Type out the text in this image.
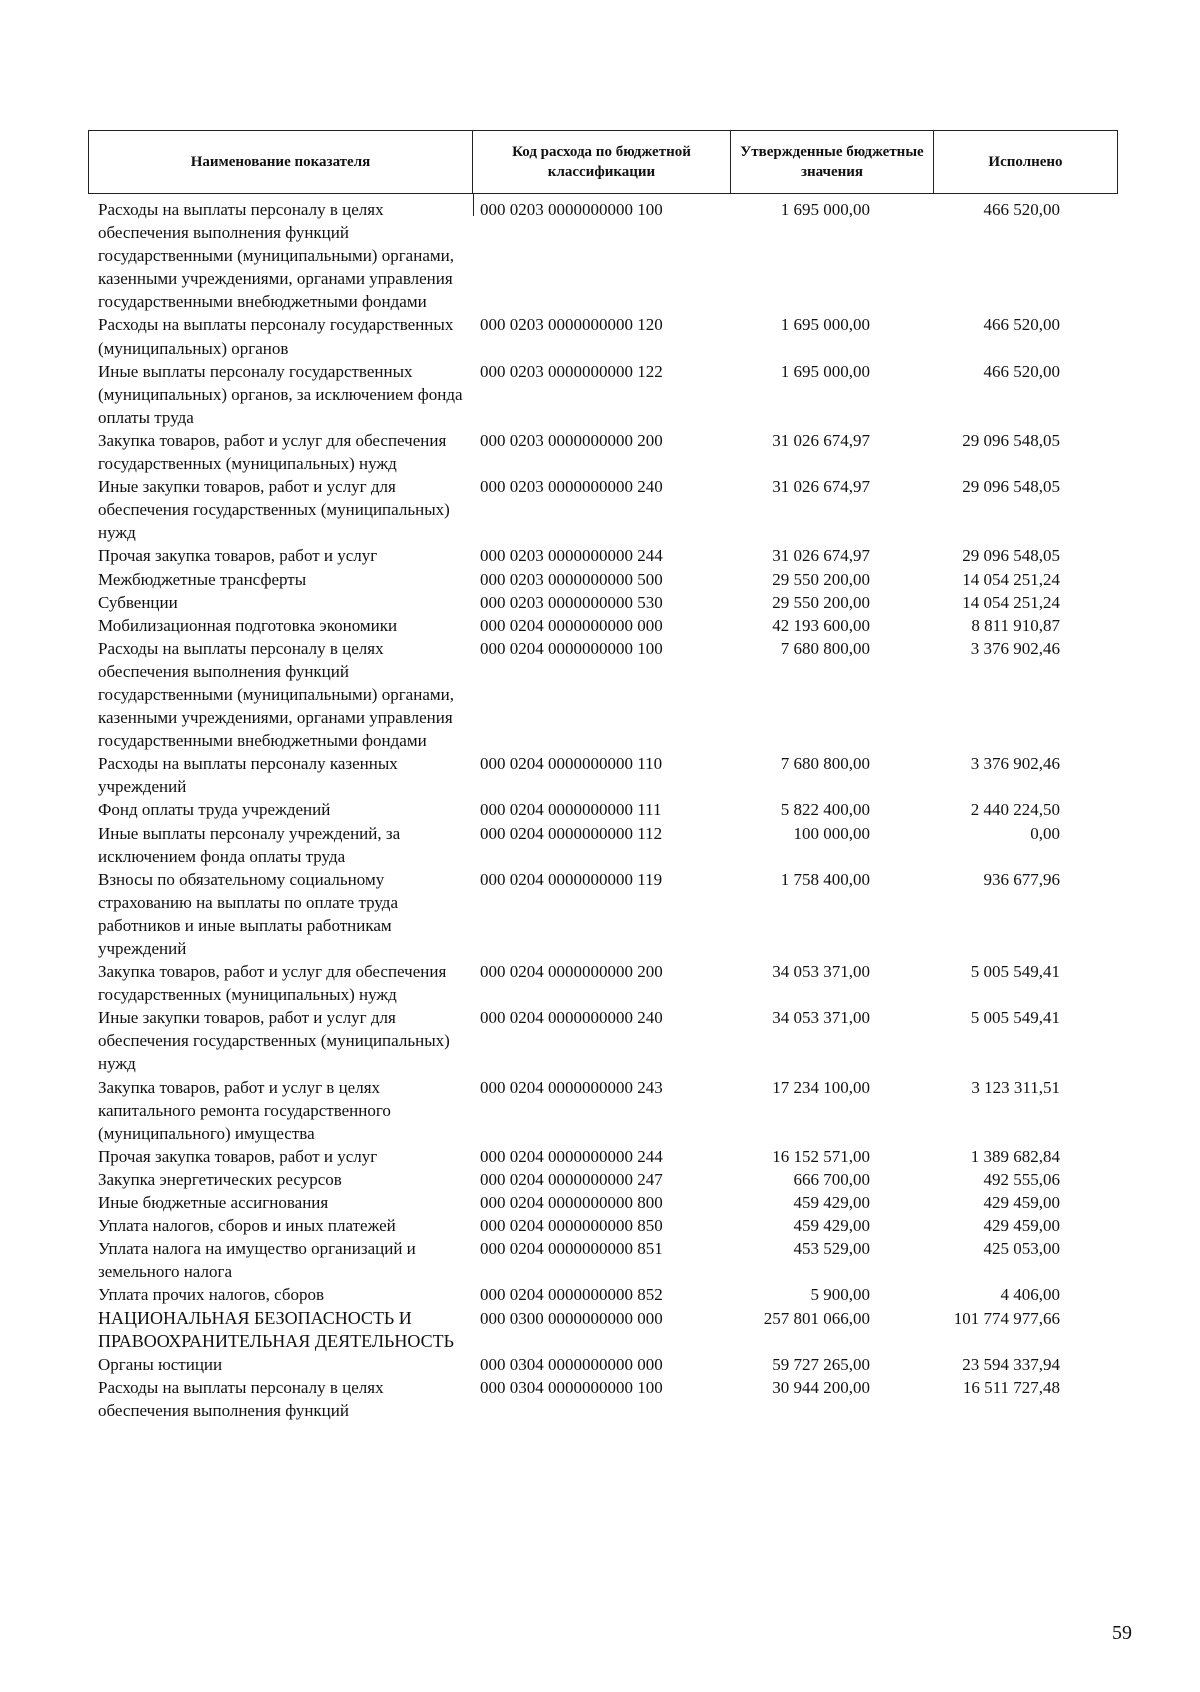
Наименование показателя
Код расхода по бюджетной классификации
Утвержденные бюджетные значения
Исполнено
Расходы на выплаты персоналу в целях обеспечения выполнения функций государственными (муниципальными) органами, казенными учреждениями, органами управления государственными внебюджетными фондами
000 0203 0000000000 100	1 695 000,00	466 520,00
Расходы на выплаты персоналу государственных (муниципальных) органов
000 0203 0000000000 120	1 695 000,00	466 520,00
Иные выплаты персоналу государственных (муниципальных) органов, за исключением фонда оплаты труда
000 0203 0000000000 122	1 695 000,00	466 520,00
Закупка товаров, работ и услуг для обеспечения государственных (муниципальных) нужд
000 0203 0000000000 200	31 026 674,97	29 096 548,05
Иные закупки товаров, работ и услуг для обеспечения государственных (муниципальных) нужд
000 0203 0000000000 240	31 026 674,97	29 096 548,05
Прочая закупка товаров, работ и услуг	000 0203 0000000000 244	31 026 674,97	29 096 548,05
Межбюджетные трансферты	000 0203 0000000000 500	29 550 200,00	14 054 251,24
Субвенции	000 0203 0000000000 530	29 550 200,00	14 054 251,24
Мобилизационная подготовка экономики	000 0204 0000000000 000	42 193 600,00	8 811 910,87
Расходы на выплаты персоналу в целях обеспечения выполнения функций государственными (муниципальными) органами, казенными учреждениями, органами управления государственными внебюджетными фондами
000 0204 0000000000 100	7 680 800,00	3 376 902,46
Расходы на выплаты персоналу казенных учреждений
000 0204 0000000000 110	7 680 800,00	3 376 902,46
Фонд оплаты труда учреждений	000 0204 0000000000 111	5 822 400,00	2 440 224,50
Иные выплаты персоналу учреждений, за исключением фонда оплаты труда
000 0204 0000000000 112	100 000,00	0,00
Взносы по обязательному социальному страхованию на выплаты по оплате труда работников и иные выплаты работникам учреждений
000 0204 0000000000 119	1 758 400,00	936 677,96
Закупка товаров, работ и услуг для обеспечения государственных (муниципальных) нужд
000 0204 0000000000 200	34 053 371,00	5 005 549,41
Иные закупки товаров, работ и услуг для обеспечения государственных (муниципальных) нужд
000 0204 0000000000 240	34 053 371,00	5 005 549,41
Закупка товаров, работ и услуг в целях капитального ремонта государственного (муниципального) имущества
000 0204 0000000000 243	17 234 100,00	3 123 311,51
Прочая закупка товаров, работ и услуг	000 0204 0000000000 244	16 152 571,00	1 389 682,84
Закупка энергетических ресурсов	000 0204 0000000000 247	666 700,00	492 555,06
Иные бюджетные ассигнования	000 0204 0000000000 800	459 429,00	429 459,00
Уплата налогов, сборов и иных платежей	000 0204 0000000000 850	459 429,00	429 459,00
Уплата налога на имущество организаций и земельного налога
000 0204 0000000000 851	453 529,00	425 053,00
Уплата прочих налогов, сборов	000 0204 0000000000 852	5 900,00	4 406,00
НАЦИОНАЛЬНАЯ БЕЗОПАСНОСТЬ И ПРАВООХРАНИТЕЛЬНАЯ ДЕЯТЕЛЬНОСТЬ
000 0300 0000000000 000	257 801 066,00	101 774 977,66
Органы юстиции	000 0304 0000000000 000	59 727 265,00	23 594 337,94
Расходы на выплаты персоналу в целях обеспечения выполнения функций
000 0304 0000000000 100	30 944 200,00	16 511 727,48
59
